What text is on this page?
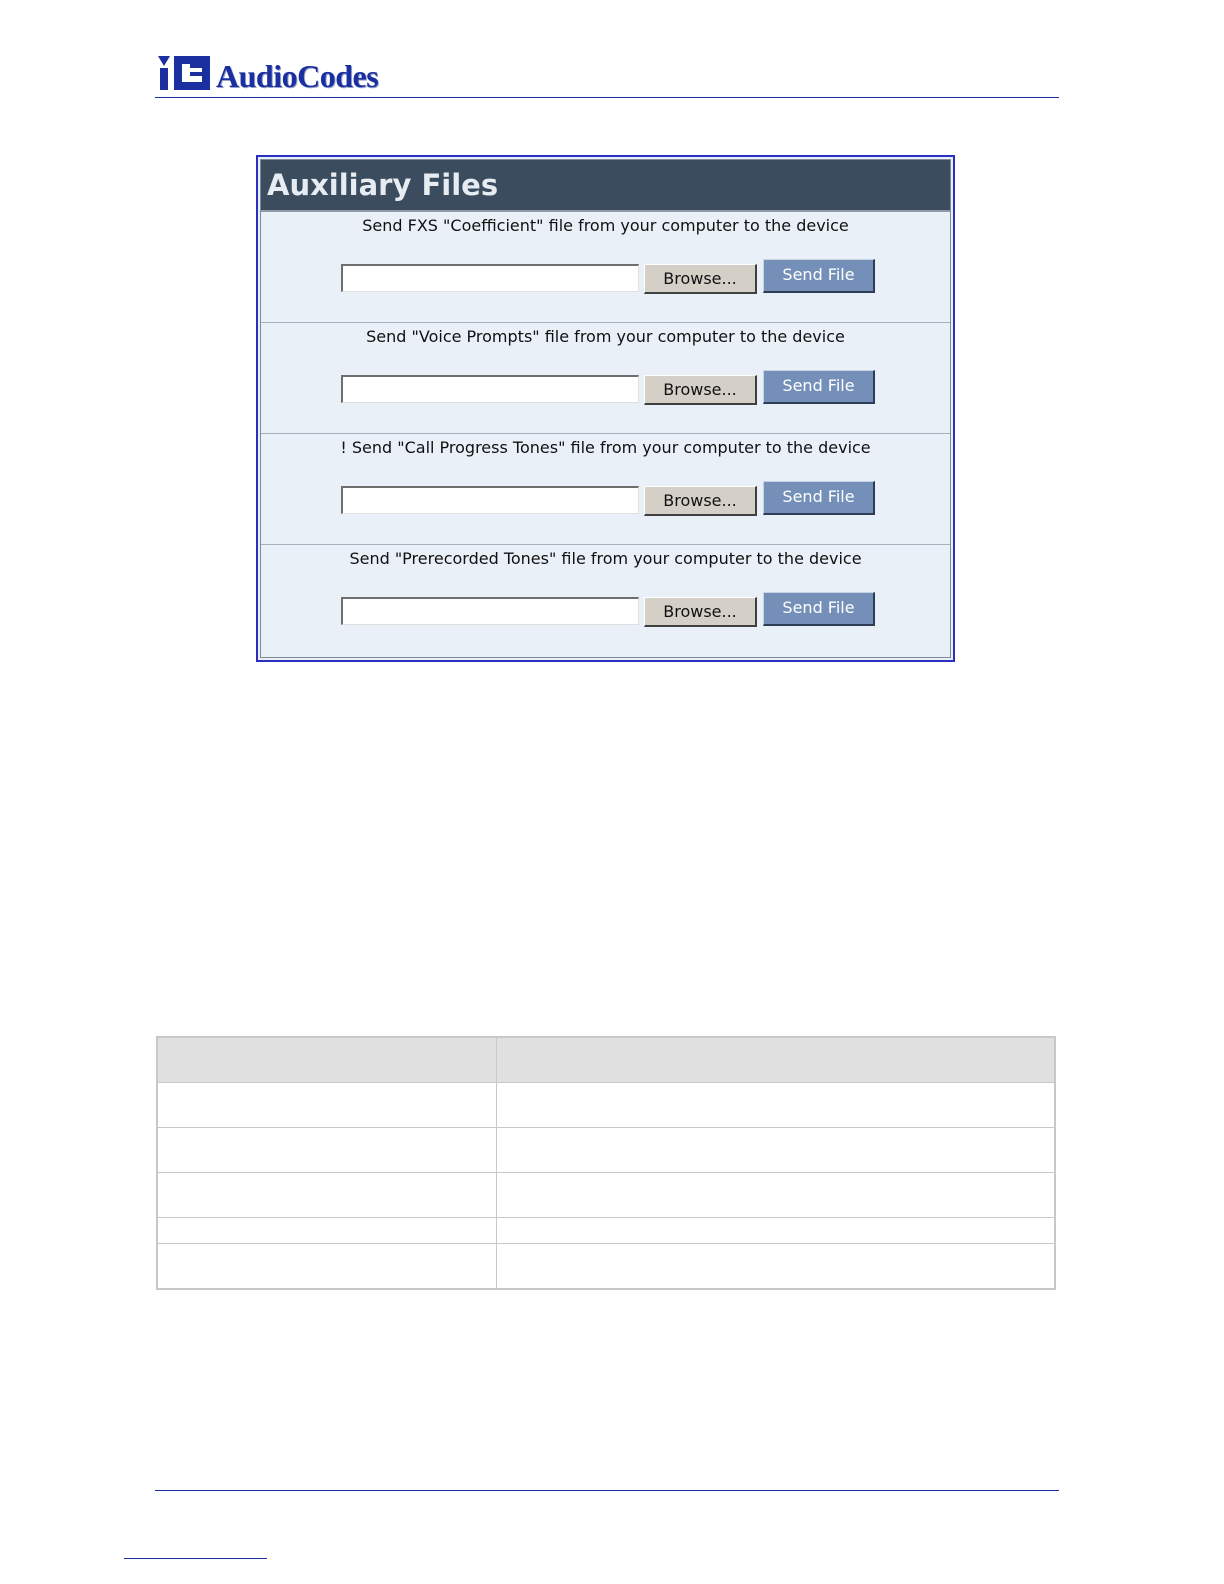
AudioCodes
Auxiliary Files
Send FXS "Coefficient" file from your computer to the device
Browse...	Send File
Send "Voice Prompts" file from your computer to the device
Browse...	Send File
! Send "Call Progress Tones" file from your computer to the device
Browse...	Send File
Send "Prerecorded Tones" file from your computer to the device
Browse...	Send File
